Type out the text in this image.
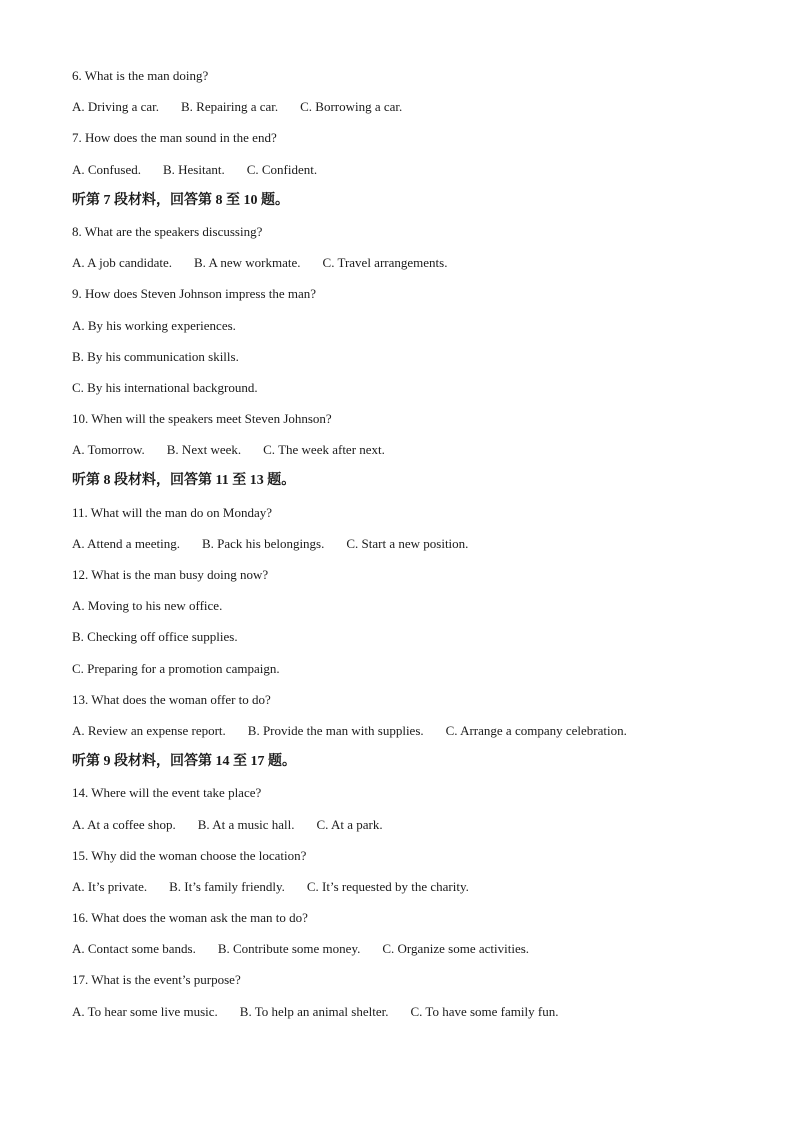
6. What is the man doing?
A. Driving a car. B. Repairing a car. C. Borrowing a car.
7. How does the man sound in the end?
A. Confused. B. Hesitant. C. Confident.
听第 7 段材料，回答第 8 至 10 题。
8. What are the speakers discussing?
A. A job candidate. B. A new workmate. C. Travel arrangements.
9. How does Steven Johnson impress the man?
A. By his working experiences.
B. By his communication skills.
C. By his international background.
10. When will the speakers meet Steven Johnson?
A. Tomorrow. B. Next week. C. The week after next.
听第 8 段材料，回答第 11 至 13 题。
11. What will the man do on Monday?
A. Attend a meeting. B. Pack his belongings. C. Start a new position.
12. What is the man busy doing now?
A. Moving to his new office.
B. Checking off office supplies.
C. Preparing for a promotion campaign.
13. What does the woman offer to do?
A. Review an expense report. B. Provide the man with supplies. C. Arrange a company celebration.
听第 9 段材料，回答第 14 至 17 题。
14. Where will the event take place?
A. At a coffee shop. B. At a music hall. C. At a park.
15. Why did the woman choose the location?
A. It’s private. B. It’s family friendly. C. It’s requested by the charity.
16. What does the woman ask the man to do?
A. Contact some bands. B. Contribute some money. C. Organize some activities.
17. What is the event’s purpose?
A. To hear some live music. B. To help an animal shelter. C. To have some family fun.
